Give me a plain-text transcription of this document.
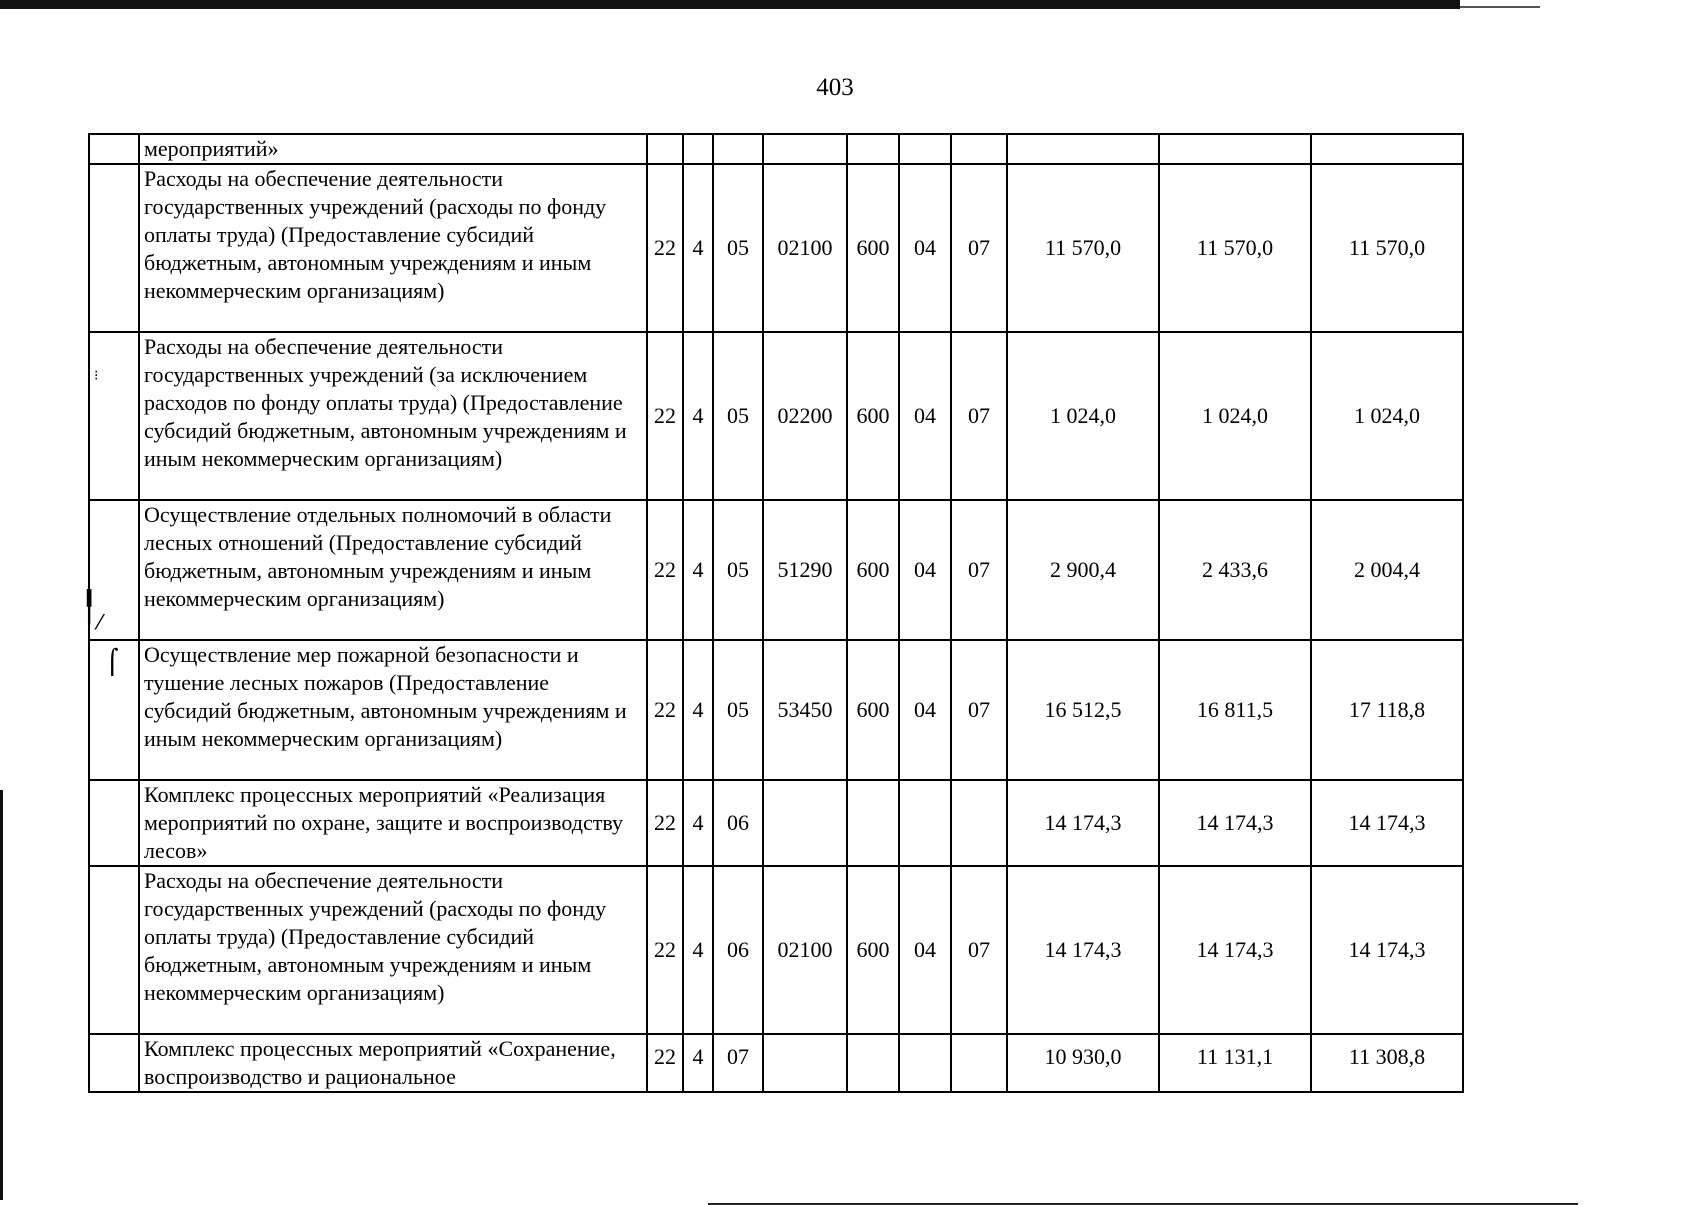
⁝
╿ ⁄
⌠
403
	мероприятий»										
	Расходы на обеспечение деятельности государственных учреждений (расходы по фонду оплаты труда) (Предоставление субсидий бюджетным, автономным учреждениям и иным некоммерческим организациям)	22	4	05	02100	600	04	07	11 570,0	11 570,0	11 570,0
	Расходы на обеспечение деятельности государственных учреждений (за исключением расходов по фонду оплаты труда) (Предоставление субсидий бюджетным, автономным учреждениям и иным некоммерческим организациям)	22	4	05	02200	600	04	07	1 024,0	1 024,0	1 024,0
	Осуществление отдельных полномочий в области лесных отношений (Предоставление субсидий бюджетным, автономным учреждениям и иным некоммерческим организациям)	22	4	05	51290	600	04	07	2 900,4	2 433,6	2 004,4
	Осуществление мер пожарной безопасности и тушение лесных пожаров (Предоставление субсидий бюджетным, автономным учреждениям и иным некоммерческим организациям)	22	4	05	53450	600	04	07	16 512,5	16 811,5	17 118,8
	Комплекс процессных мероприятий «Реализация мероприятий по охране, защите и воспроизводству лесов»	22	4	06					14 174,3	14 174,3	14 174,3
	Расходы на обеспечение деятельности государственных учреждений (расходы по фонду оплаты труда) (Предоставление субсидий бюджетным, автономным учреждениям и иным некоммерческим организациям)	22	4	06	02100	600	04	07	14 174,3	14 174,3	14 174,3
	Комплекс процессных мероприятий «Сохранение, воспроизводство и рациональное	22	4	07					10 930,0	11 131,1	11 308,8
